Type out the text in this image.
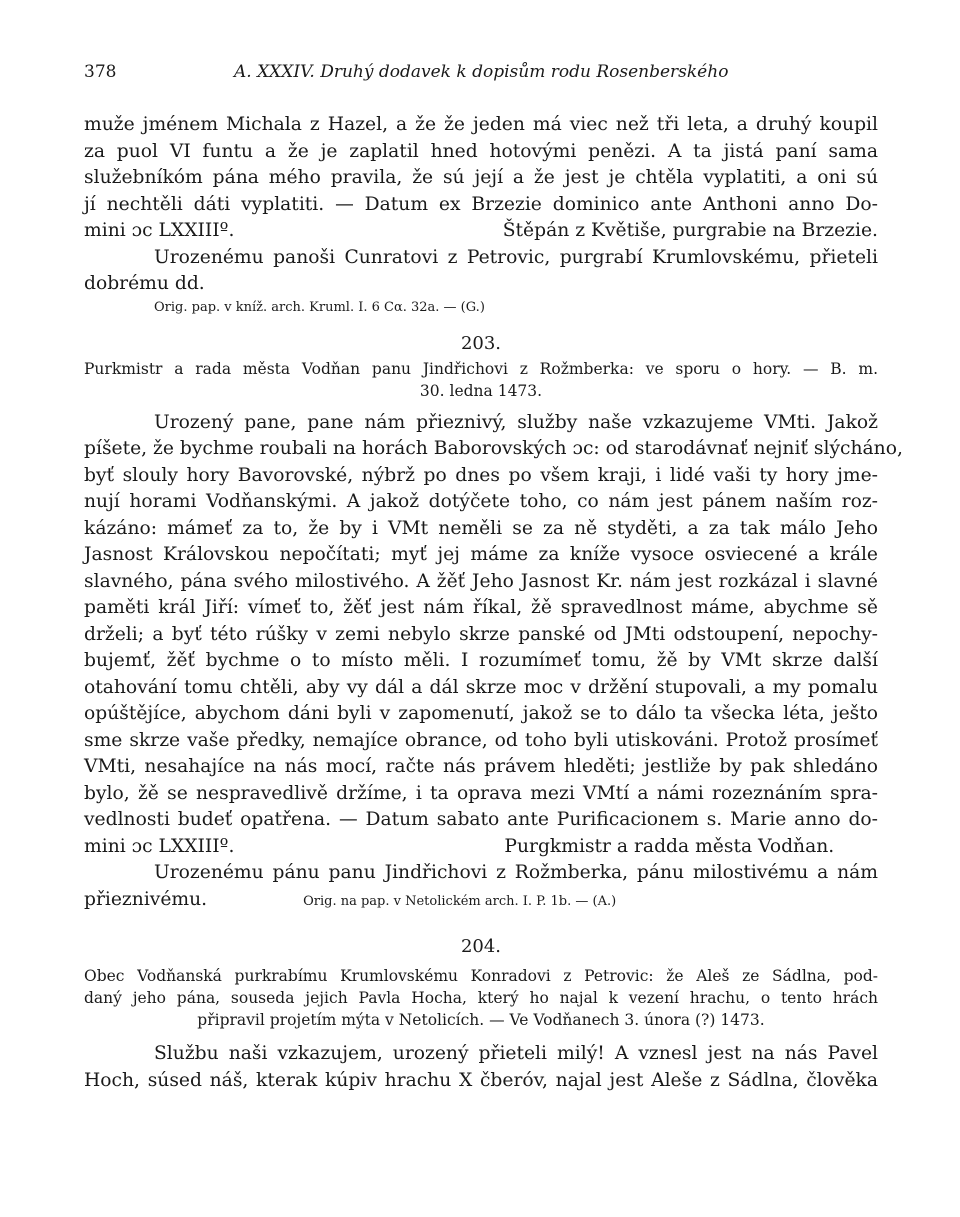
378	A. XXXIV. Druhý dodavek k dopisům rodu Rosenberského
muže jménem Michala z Hazel, a že že jeden má viec než tři leta, a druhý koupil
za puol VI funtu a že je zaplatil hned hotovými penězi. A ta jistá paní sama
služebníkóm pána mého pravila, že sú její a že jest je chtěla vyplatiti, a oni sú
jí nechtěli dáti vyplatiti. — Datum ex Brzezie dominico ante Anthoni anno Do-
mini ɔc LXXIIIº.	Štěpán z Květiše, purgrabie na Brzezie.
Urozenému panoši Cunratovi z Petrovic, purgrabí Krumlovskému, přieteli
dobrému dd.
Orig. pap. v kníž. arch. Kruml. I. 6 Cα. 32a. — (G.)
203.
Purkmistr a rada města Vodňan panu Jindřichovi z Rožmberka: ve sporu o hory. — B. m.
30. ledna 1473.
Urozený pane, pane nám přieznivý, služby naše vzkazujeme VMti. Jakož
píšete, že bychme roubali na horách Baborovských ɔc: od starodávnať nejniť slýcháno,
byť slouly hory Bavorovské, nýbrž po dnes po všem kraji, i lidé vaši ty hory jme-
nují horami Vodňanskými. A jakož dotýčete toho, co nám jest pánem naším roz-
kázáno: mámeť za to, že by i VMt neměli se za ně styděti, a za tak málo Jeho
Jasnost Královskou nepočítati; myť jej máme za kníže vysoce osviecené a krále
slavného, pána svého milostivého. A žěť Jeho Jasnost Kr. nám jest rozkázal i slavné
paměti král Jiří: vímeť to, žěť jest nám říkal, žě spravedlnost máme, abychme sě
drželi; a byť této rúšky v zemi nebylo skrze panské od JMti odstoupení, nepochy-
bujemť, žěť bychme o to místo měli. I rozumímeť tomu, žě by VMt skrze další
otahování tomu chtěli, aby vy dál a dál skrze moc v držění stupovali, a my pomalu
opúštějíce, abychom dáni byli v zapomenutí, jakož se to dálo ta všecka léta, ješto
sme skrze vaše předky, nemajíce obrance, od toho byli utiskováni. Protož prosímeť
VMti, nesahajíce na nás mocí, račte nás právem hleděti; jestliže by pak shledáno
bylo, žě se nespravedlivě držíme, i ta oprava mezi VMtí a námi rozeznáním spra-
vedlnosti budeť opatřena. — Datum sabato ante Purificacionem s. Marie anno do-
mini ɔc LXXIIIº.	Purgkmistr a radda města Vodňan.
Urozenému pánu panu Jindřichovi z Rožmberka, pánu milostivému a nám
přieznivému.	Orig. na pap. v Netolickém arch. I. P. 1b. — (A.)
204.
Obec Vodňanská purkrabímu Krumlovskému Konradovi z Petrovic: že Aleš ze Sádlna, pod-
daný jeho pána, souseda jejich Pavla Hocha, který ho najal k vezení hrachu, o tento hrách
připravil projetím mýta v Netolicích. — Ve Vodňanech 3. února (?) 1473.
Službu naši vzkazujem, urozený přieteli milý! A vznesl jest na nás Pavel
Hoch, súsed náš, kterak kúpiv hrachu X čberóv, najal jest Aleše z Sádlna, člověka
